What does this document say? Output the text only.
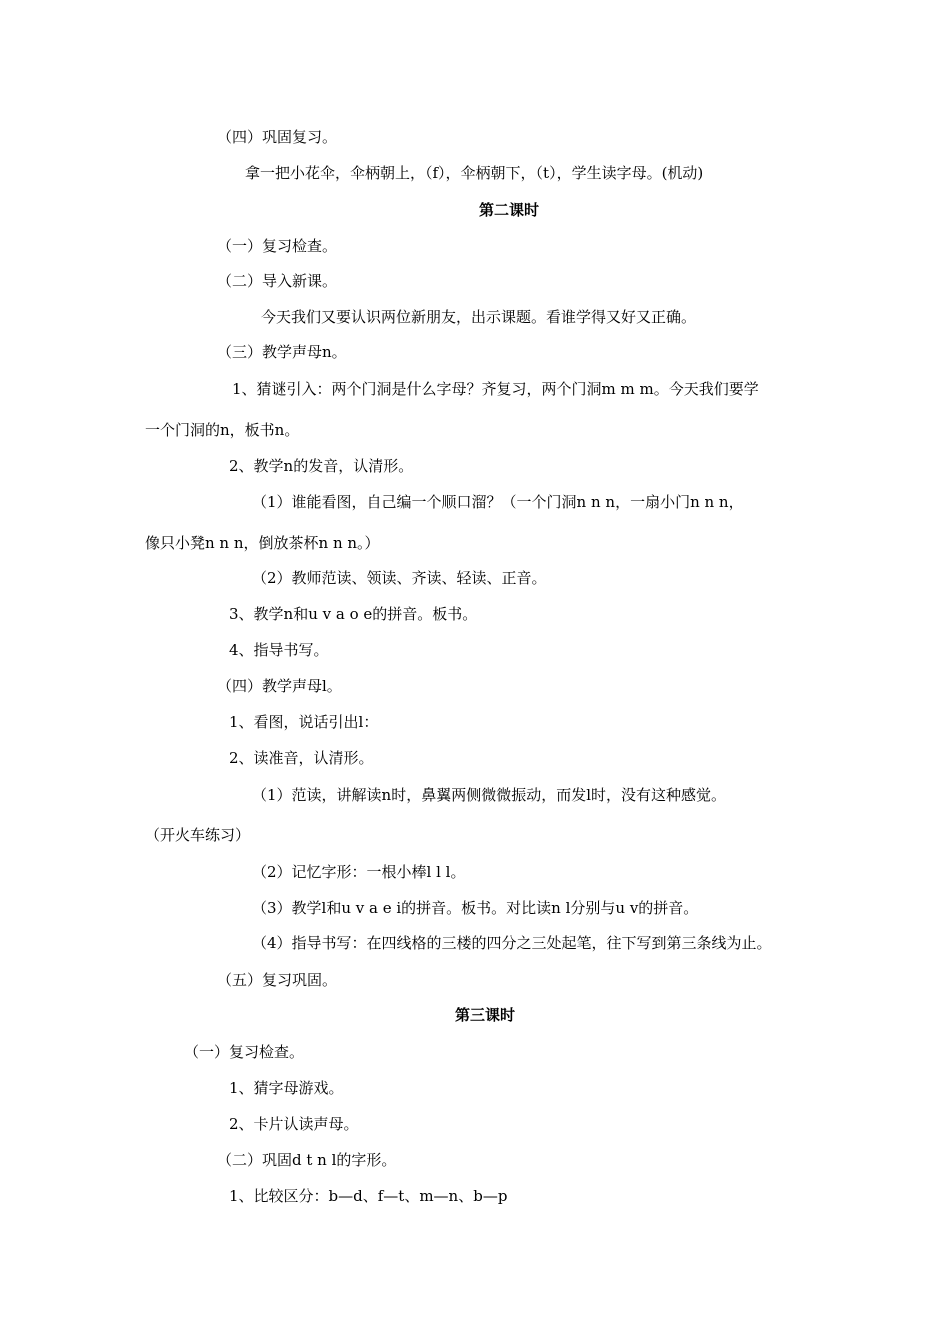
（四）巩固复习。

拿一把小花伞，伞柄朝上，（f），伞柄朝下，（t），学生读字母。(机动)

第二课时

（一）复习检查。

（二）导入新课。

今天我们又要认识两位新朋友，出示课题。看谁学得又好又正确。

（三）教学声母n。

1、猜谜引入：两个门洞是什么字母？齐复习，两个门洞m m m。今天我们要学

一个门洞的n，板书n。

2、教学n的发音，认清形。

（1）谁能看图，自己编一个顺口溜？（一个门洞n n n，一扇小门n n n，

像只小凳n n n，倒放茶杯n n n。）

（2）教师范读、领读、齐读、轻读、正音。

3、教学n和u v a o e的拼音。板书。

4、指导书写。

（四）教学声母l。

1、看图，说话引出l：

2、读准音，认清形。

（1）范读，讲解读n时，鼻翼两侧微微振动，而发l时，没有这种感觉。

（开火车练习）

（2）记忆字形：一根小棒l l l。

（3）教学l和u v a e i的拼音。板书。对比读n l分别与u v的拼音。

（4）指导书写：在四线格的三楼的四分之三处起笔，往下写到第三条线为止。

（五）复习巩固。

第三课时

（一）复习检查。

1、猜字母游戏。

2、卡片认读声母。

（二）巩固d t n l的字形。

1、比较区分：b—d、f—t、m—n、b—p
